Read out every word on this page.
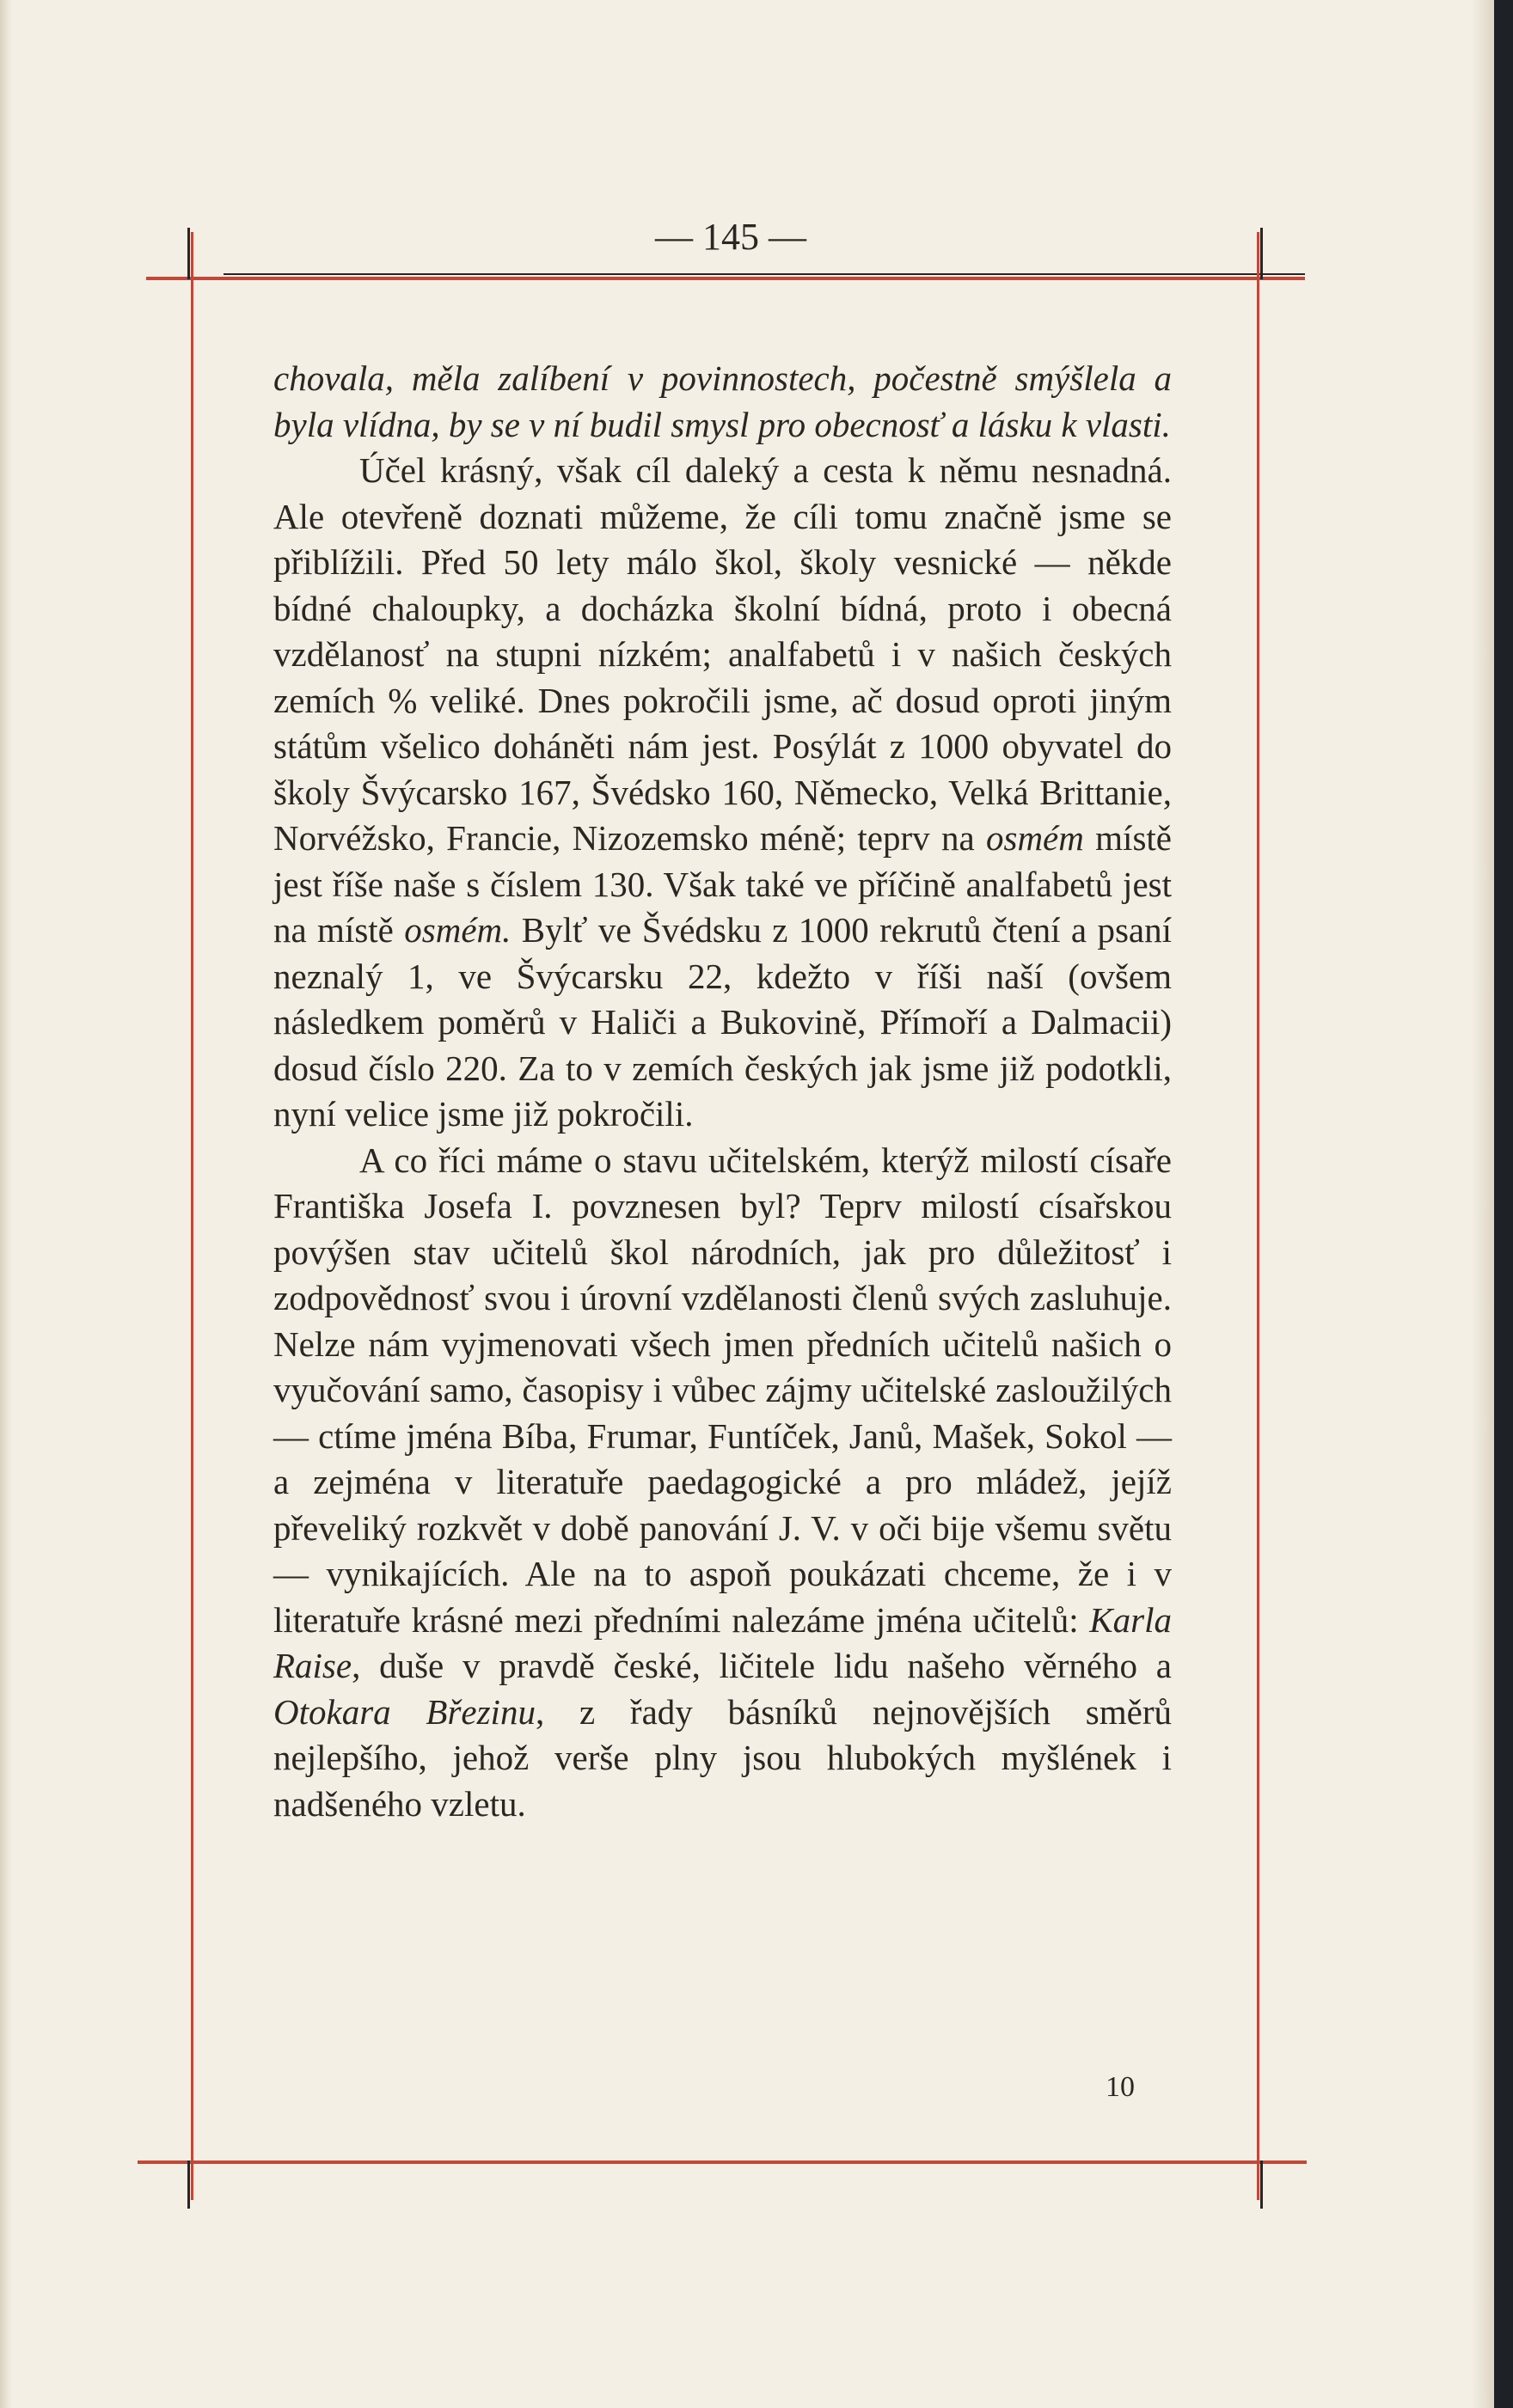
— 145 —

chovala, měla zalíbení v povinnostech, počestně smýšlela a byla vlídna, by se v ní budil smysl pro obecnosť a lásku k vlasti.

Účel krásný, však cíl daleký a cesta k němu nesnadná. Ale otevřeně doznati můžeme, že cíli tomu značně jsme se přiblížili. Před 50 lety málo škol, školy vesnické — někde bídné chaloupky, a docházka školní bídná, proto i obecná vzdělanosť na stupni nízkém; analfabetů i v našich českých zemích % veliké. Dnes pokročili jsme, ač dosud oproti jiným státům všelico doháněti nám jest. Posýlát z 1000 obyvatel do školy Švýcarsko 167, Švédsko 160, Německo, Velká Brittanie, Norvéžsko, Francie, Nizozemsko méně; teprv na osmém místě jest říše naše s číslem 130. Však také ve příčině analfabetů jest na místě osmém. Bylť ve Švédsku z 1000 rekrutů čtení a psaní neznalý 1, ve Švýcarsku 22, kdežto v říši naší (ovšem následkem poměrů v Haliči a Bukovině, Přímoří a Dalmacii) dosud číslo 220. Za to v zemích českých jak jsme již podotkli, nyní velice jsme již pokročili.

A co říci máme o stavu učitelském, kterýž milostí císaře Františka Josefa I. povznesen byl? Teprv milostí císařskou povýšen stav učitelů škol národních, jak pro důležitosť i zodpovědnosť svou i úrovní vzdělanosti členů svých zasluhuje. Nelze nám vyjmenovati všech jmen předních učitelů našich o vyučování samo, časopisy i vůbec zájmy učitelské zasloužilých — ctíme jména Bíba, Frumar, Funtíček, Janů, Mašek, Sokol — a zejména v literatuře paedagogické a pro mládež, jejíž převeliký rozkvět v době panování J. V. v oči bije všemu světu — vynikajících. Ale na to aspoň poukázati chceme, že i v literatuře krásné mezi předními nalezáme jména učitelů: Karla Raise, duše v pravdě české, ličitele lidu našeho věrného a Otokara Březinu, z řady básníků nejnovějších směrů nejlepšího, jehož verše plny jsou hlubokých myšlének i nadšeného vzletu.

10
